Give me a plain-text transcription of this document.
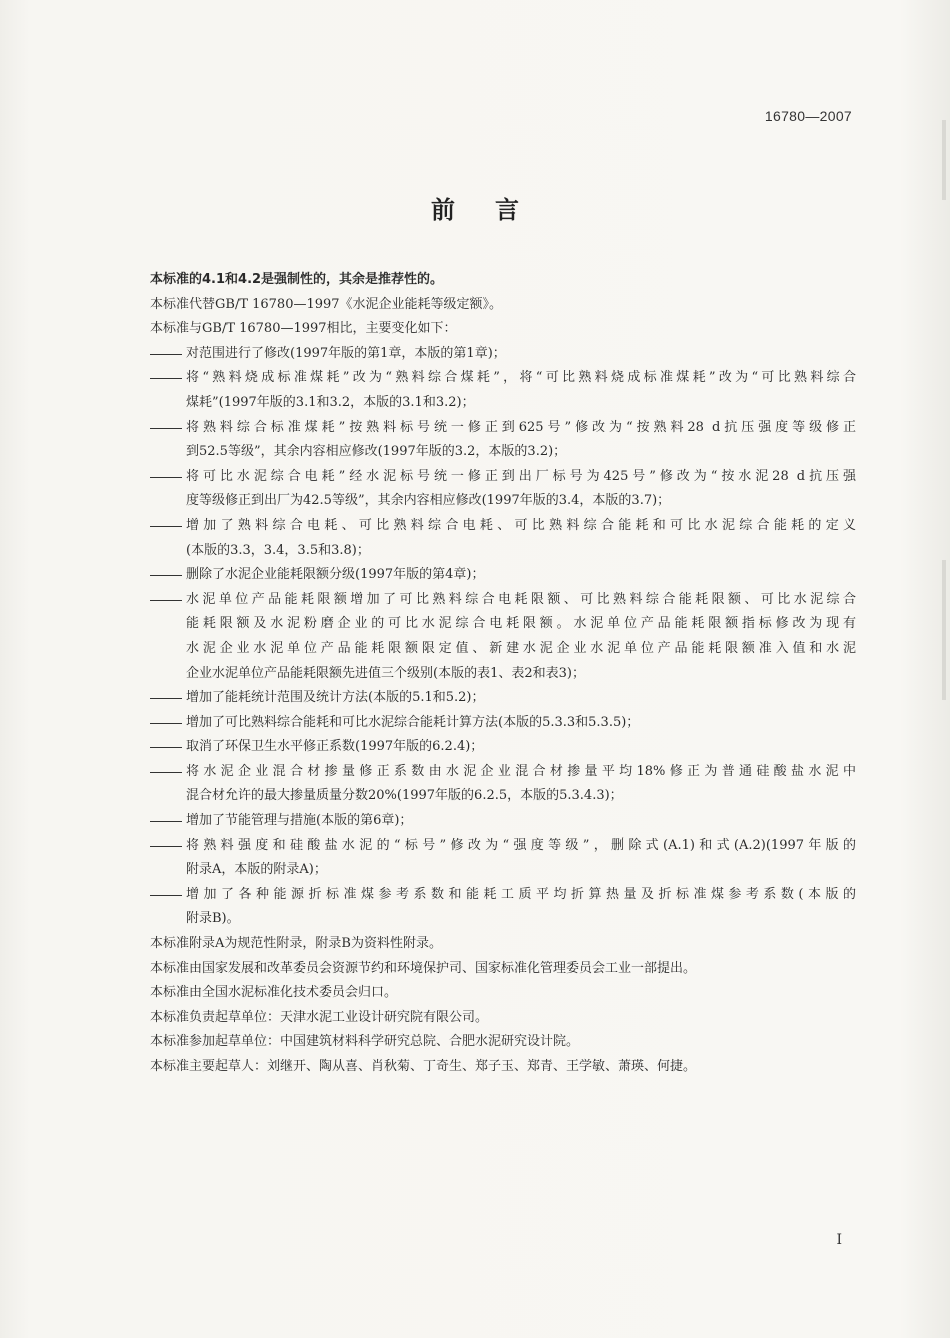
16780—2007
前言

本标准的4.1和4.2是强制性的，其余是推荐性的。

本标准代替GB/T 16780—1997《水泥企业能耗等级定额》。

本标准与GB/T 16780—1997相比，主要变化如下：

对范围进行了修改(1997年版的第1章，本版的第1章)；

将“熟料烧成标准煤耗”改为“熟料综合煤耗”，将“可比熟料烧成标准煤耗”改为“可比熟料综合

煤耗”(1997年版的3.1和3.2，本版的3.1和3.2)；

将熟料综合标准煤耗”按熟料标号统一修正到625号”修改为“按熟料28 d抗压强度等级修正

到52.5等级”，其余内容相应修改(1997年版的3.2，本版的3.2)；

将可比水泥综合电耗”经水泥标号统一修正到出厂标号为425号”修改为“按水泥28 d抗压强

度等级修正到出厂为42.5等级”，其余内容相应修改(1997年版的3.4，本版的3.7)；

增加了熟料综合电耗、可比熟料综合电耗、可比熟料综合能耗和可比水泥综合能耗的定义

(本版的3.3，3.4，3.5和3.8)；

删除了水泥企业能耗限额分级(1997年版的第4章)；

水泥单位产品能耗限额增加了可比熟料综合电耗限额、可比熟料综合能耗限额、可比水泥综合

能耗限额及水泥粉磨企业的可比水泥综合电耗限额。水泥单位产品能耗限额指标修改为现有

水泥企业水泥单位产品能耗限额限定值、新建水泥企业水泥单位产品能耗限额准入值和水泥

企业水泥单位产品能耗限额先进值三个级别(本版的表1、表2和表3)；

增加了能耗统计范围及统计方法(本版的5.1和5.2)；

增加了可比熟料综合能耗和可比水泥综合能耗计算方法(本版的5.3.3和5.3.5)；

取消了环保卫生水平修正系数(1997年版的6.2.4)；

将水泥企业混合材掺量修正系数由水泥企业混合材掺量平均18%修正为普通硅酸盐水泥中

混合材允许的最大掺量质量分数20%(1997年版的6.2.5，本版的5.3.4.3)；

增加了节能管理与措施(本版的第6章)；

将熟料强度和硅酸盐水泥的“标号”修改为“强度等级”，删除式(A.1)和式(A.2)(1997年版的

附录A，本版的附录A)；

增加了各种能源折标准煤参考系数和能耗工质平均折算热量及折标准煤参考系数(本版的

附录B)。

本标准附录A为规范性附录，附录B为资料性附录。

本标准由国家发展和改革委员会资源节约和环境保护司、国家标准化管理委员会工业一部提出。

本标准由全国水泥标准化技术委员会归口。

本标准负责起草单位：天津水泥工业设计研究院有限公司。

本标准参加起草单位：中国建筑材料科学研究总院、合肥水泥研究设计院。

本标准主要起草人：刘继开、陶从喜、肖秋菊、丁奇生、郑子玉、郑青、王学敏、萧瑛、何捷。

I
